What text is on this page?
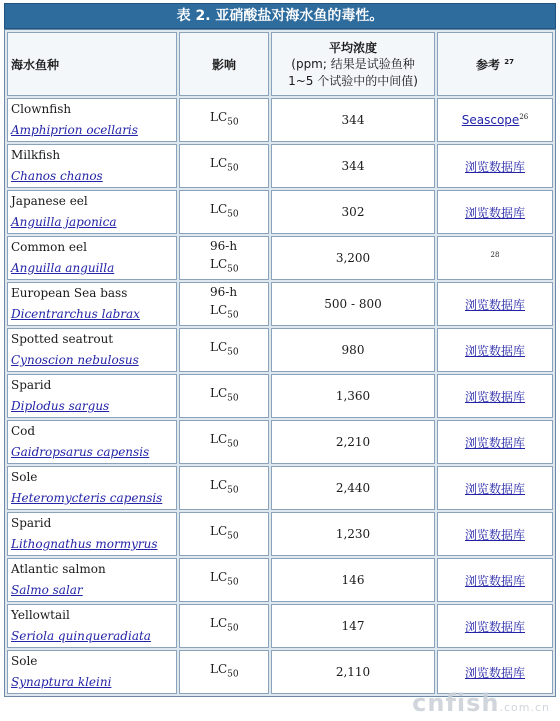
表 2. 亚硝酸盐对海水鱼的毒性。
海水鱼种	影响	平均浓度
(ppm; 结果是试验鱼种
1~5 个试验中的中间值)	参考 $^{27}$

Clownfish
Amphiprion ocellaris	$LC_{50}$	344	Seascope$^{26}$

Milkfish
Chanos chanos	$LC_{50}$	344	浏览数据库

Japanese eel
Anguilla japonica	$LC_{50}$	302	浏览数据库

Common eel
Anguilla anguilla	96-h
$LC_{50}$	3,200	$^{28}$

European Sea bass
Dicentrarchus labrax	96-h
$LC_{50}$	500 - 800	浏览数据库

Spotted seatrout
Cynoscion nebulosus	$LC_{50}$	980	浏览数据库

Sparid
Diplodus sargus	$LC_{50}$	1,360	浏览数据库

Cod
Gaidropsarus capensis	$LC_{50}$	2,210	浏览数据库

Sole
Heteromycteris capensis	$LC_{50}$	2,440	浏览数据库

Sparid
Lithognathus mormyrus	$LC_{50}$	1,230	浏览数据库

Atlantic salmon
Salmo salar	$LC_{50}$	146	浏览数据库

Yellowtail
Seriola quinqueradiata	$LC_{50}$	147	浏览数据库

Sole
Synaptura kleini	$LC_{50}$	2,110	浏览数据库
cnfish.com.cn
